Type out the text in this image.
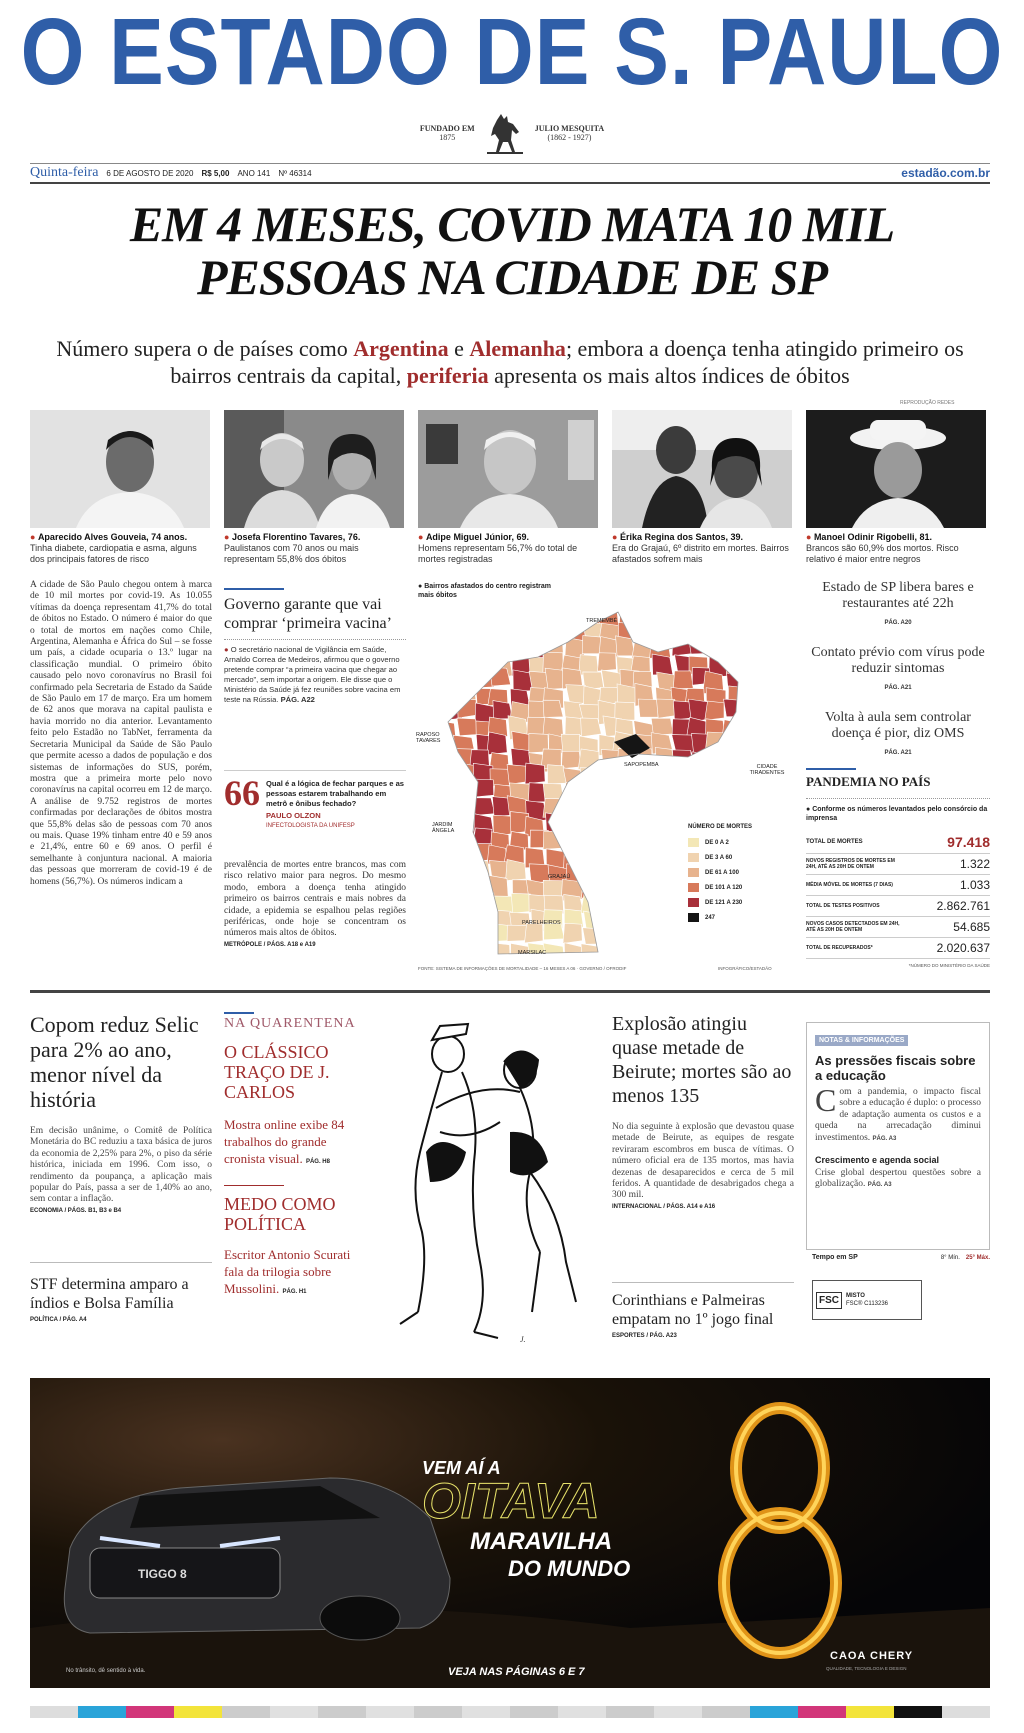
O ESTADO DE S. PAULO
FUNDADO EM
1875  JULIO MESQUITA
(1862 - 1927)
Quinta-feira 6 DE AGOSTO DE 2020 R$ 5,00 ANO 141 Nº 46314	estadão.com.br
EM 4 MESES, COVID MATA 10 MIL
PESSOAS NA CIDADE DE SP
Número supera o de países como Argentina e Alemanha; embora a doença tenha atingido primeiro os bairros centrais da capital, periferia apresenta os mais altos índices de óbitos
REPRODUÇÃO REDES
● Aparecido Alves Gouveia, 74 anos.
Tinha diabete, cardiopatia e asma, alguns dos principais fatores de risco
● Josefa Florentino Tavares, 76.
Paulistanos com 70 anos ou mais representam 55,8% dos óbitos
● Adipe Miguel Júnior, 69.
Homens representam 56,7% do total de mortes registradas
● Érika Regina dos Santos, 39.
Era do Grajaú, 6º distrito em mortes. Bairros afastados sofrem mais
● Manoel Odinir Rigobelli, 81.
Brancos são 60,9% dos mortos. Risco relativo é maior entre negros
A cidade de São Paulo chegou ontem à marca de 10 mil mortes por covid-19. As 10.055 vítimas da doença representam 41,7% do total de óbitos no Estado. O número é maior do que o total de mortos em nações como Chile, Argentina, Alemanha e África do Sul – se fosse um país, a cidade ocuparia o 13.º lugar na classificação mundial. O primeiro óbito causado pelo novo coronavírus no Brasil foi confirmado pela Secretaria de Estado da Saúde de São Paulo em 17 de março. Era um homem de 62 anos que morava na capital paulista e havia morrido no dia anterior. Levantamento feito pelo Estadão no TabNet, ferramenta da Secretaria Municipal da Saúde de São Paulo que permite acesso a dados de população e dos sistemas de informações do SUS, porém, mostra que a primeira morte pelo novo coronavírus na capital ocorreu em 12 de março. A análise de 9.752 registros de mortes confirmadas por declarações de óbitos mostra que 55,8% delas são de pessoas com 70 anos ou mais. Quase 19% tinham entre 40 e 59 anos e 21,4%, entre 60 e 69 anos. O perfil é semelhante à conjuntura nacional. A maioria das pessoas que morreram de covid-19 é de homens (56,7%). Os números indicam a
Governo garante que vai comprar ‘primeira vacina’
● O secretário nacional de Vigilância em Saúde, Arnaldo Correa de Medeiros, afirmou que o governo pretende comprar “a primeira vacina que chegar ao mercado”, sem importar a origem. Ele disse que o Ministério da Saúde já fez reuniões sobre vacina em teste na Rússia. PÁG. A22
66 Qual é a lógica de fechar parques e as pessoas estarem trabalhando em metrô e ônibus fechado?
PAULO OLZON
INFECTOLOGISTA DA UNIFESP
prevalência de mortes entre brancos, mas com risco relativo maior para negros. Do mesmo modo, embora a doença tenha atingido primeiro os bairros centrais e mais nobres da cidade, a epidemia se espalhou pelas regiões periféricas, onde hoje se concentram os números mais altos de óbitos.
METRÓPOLE / PÁGS. A18 e A19
● Bairros afastados do centro registram mais óbitos
TREMEMBÉ
RAPOSO TAVARES
SAPOPEMBA	CIDADE TIRADENTES
JARDIM ÂNGELA
GRAJAÚ
PARELHEIROS
MARSILAC
NÚMERO DE MORTES
DE 0 A 2
DE 3 A 60
DE 61 A 100
DE 101 A 120
DE 121 A 230
247
FONTE: SISTEMA DE INFORMAÇÕES DE MORTALIDADE – 16 MESES A 06 · GOVERNO / OFRODIF	INFOGRÁFICO/ESTADÃO
Estado de SP libera bares e restaurantes até 22h
PÁG. A20
Contato prévio com vírus pode reduzir sintomas
PÁG. A21
Volta à aula sem controlar doença é pior, diz OMS
PÁG. A21
PANDEMIA NO PAÍS
● Conforme os números levantados pelo consórcio da imprensa
TOTAL DE MORTES	97.418
NOVOS REGISTROS DE MORTES EM 24H, ATÉ AS 20H DE ONTEM	1.322
MÉDIA MÓVEL DE MORTES (7 DIAS)	1.033
TOTAL DE TESTES POSITIVOS	2.862.761
NOVOS CASOS DETECTADOS EM 24H, ATÉ AS 20H DE ONTEM	54.685
TOTAL DE RECUPERADOS*	2.020.637
*NÚMERO DO MINISTÉRIO DA SAÚDE
Copom reduz Selic para 2% ao ano, menor nível da história
Em decisão unânime, o Comitê de Política Monetária do BC reduziu a taxa básica de juros da economia de 2,25% para 2%, o piso da série histórica, iniciada em 1996. Com isso, o rendimento da poupança, a aplicação mais popular do País, passa a ser de 1,40% ao ano, sem contar a inflação.
ECONOMIA / PÁGS. B1, B3 e B4
STF determina amparo a índios e Bolsa Família
POLÍTICA / PÁG. A4
NA QUARENTENA
O CLÁSSICO TRAÇO DE J. CARLOS
Mostra online exibe 84 trabalhos do grande cronista visual. PÁG. H8
MEDO COMO POLÍTICA
Escritor Antonio Scurati fala da trilogia sobre Mussolini. PÁG. H1
J.
Explosão atingiu quase metade de Beirute; mortes são ao menos 135
No dia seguinte à explosão que devastou quase metade de Beirute, as equipes de resgate reviraram escombros em busca de vítimas. O número oficial era de 135 mortos, mas havia dezenas de desaparecidos e cerca de 5 mil feridos. A quantidade de desabrigados chega a 300 mil.
INTERNACIONAL / PÁGS. A14 e A16
Corinthians e Palmeiras empatam no 1º jogo final
ESPORTES / PÁG. A23
NOTAS & INFORMAÇÕES
As pressões fiscais sobre a educação
Com a pandemia, o impacto fiscal sobre a educação é duplo: o processo de adaptação aumenta os custos e a queda na arrecadação diminui investimentos. PÁG. A3
Crescimento e agenda social
Crise global despertou questões sobre a globalização. PÁG. A3
Tempo em SP	8° Mín. 25° Máx.
FSC	MISTO
FSC® C113236
TIGGO 8
VEM AÍ A
OITAVA
MARAVILHA
DO MUNDO
VEJA NAS PÁGINAS 6 E 7
CAOA CHERY
QUALIDADE, TECNOLOGIA E DESIGN
No trânsito, dê sentido à vida.
